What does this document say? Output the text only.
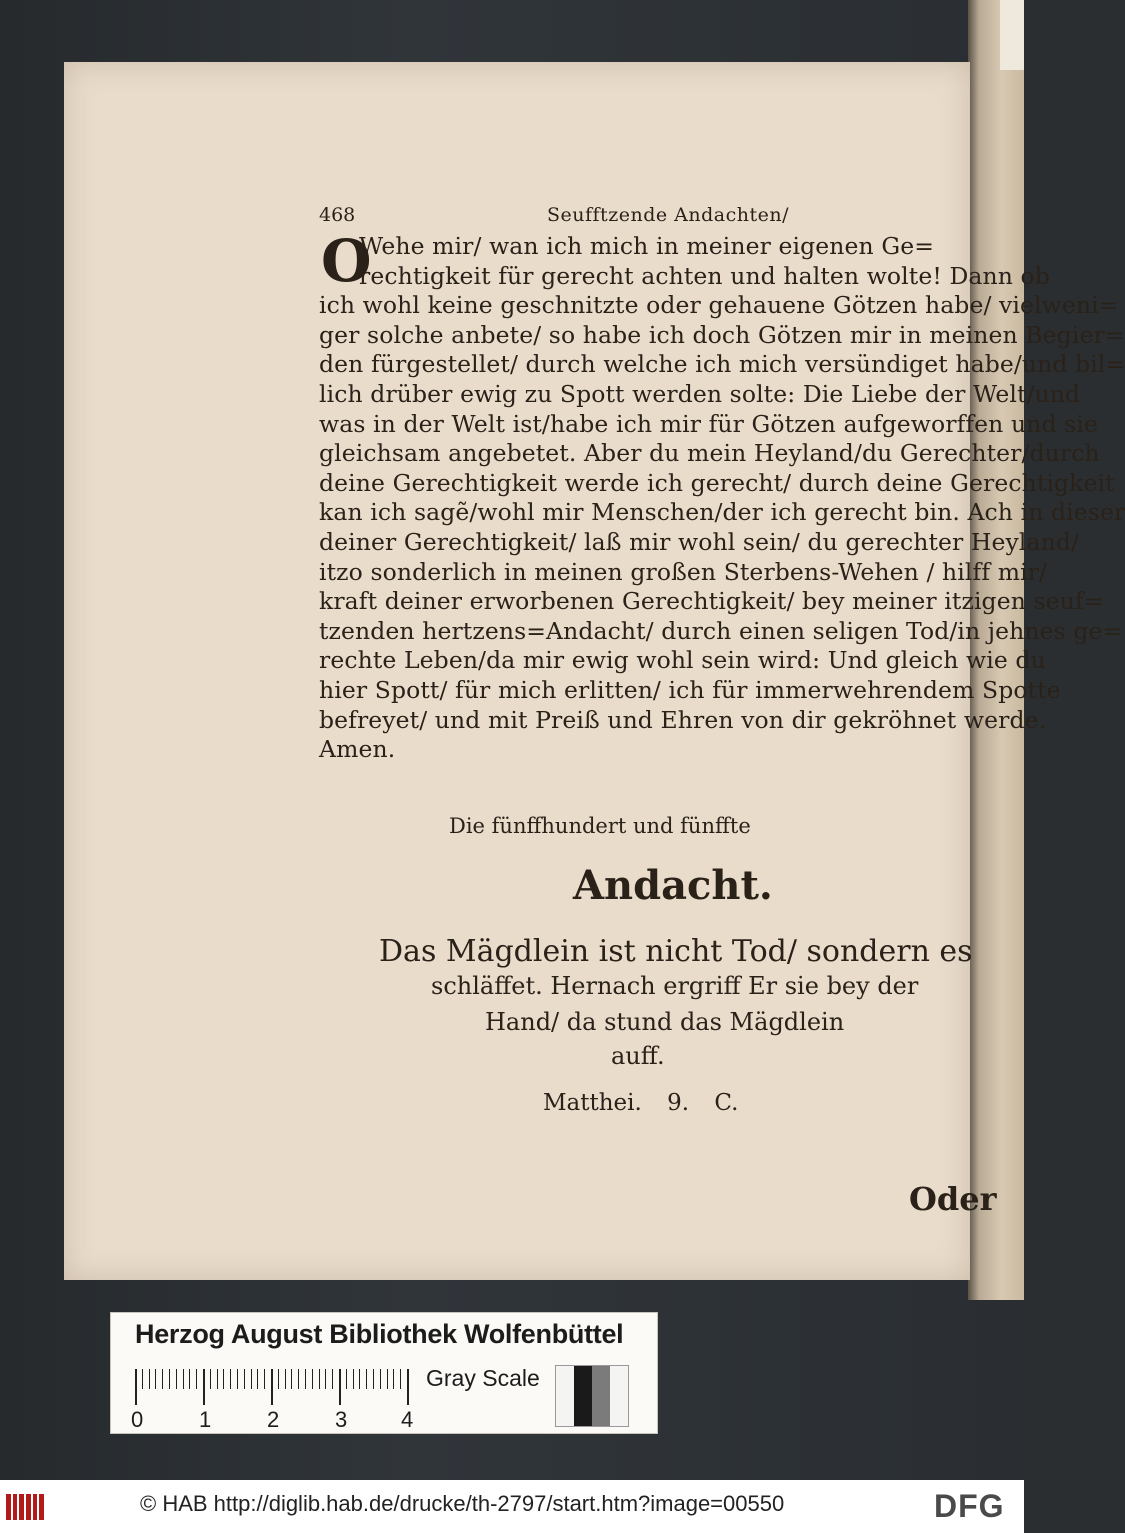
468	Seufftzende Andachten/
O
Wehe mir/ wan ich mich in meiner eigenen Ge=
rechtigkeit für gerecht achten und halten wolte! Dann ob
ich wohl keine geschnitzte oder gehauene Götzen habe/ vielweni=
ger solche anbete/ so habe ich doch Götzen mir in meinen Begier=
den fürgestellet/ durch welche ich mich versündiget habe/und bil=
lich drüber ewig zu Spott werden solte: Die Liebe der Welt/und
was in der Welt ist/habe ich mir für Götzen aufgeworffen und sie
gleichsam angebetet. Aber du mein Heyland/du Gerechter/durch
deine Gerechtigkeit werde ich gerecht/ durch deine Gerechtigkeit
kan ich sagẽ/wohl mir Menschen/der ich gerecht bin. Ach in dieser
deiner Gerechtigkeit/ laß mir wohl sein/ du gerechter Heyland/
itzo sonderlich in meinen großen Sterbens-Wehen / hilff mir/
kraft deiner erworbenen Gerechtigkeit/ bey meiner itzigen seuf=
tzenden hertzens=Andacht/ durch einen seligen Tod/in jehnes ge=
rechte Leben/da mir ewig wohl sein wird: Und gleich wie du
hier Spott/ für mich erlitten/ ich für immerwehrendem Spotte
befreyet/ und mit Preiß und Ehren von dir gekröhnet werde.
Amen.
Die fünffhundert und fünffte
Andacht.
Das Mägdlein ist nicht Tod/ sondern es
schläffet. Hernach ergriff Er sie bey der
Hand/ da stund das Mägdlein
auff.
Matthei. 9. C.
Oder
Herzog August Bibliothek Wolfenbüttel
0	1	2	3 4
Gray Scale
© HAB http://diglib.hab.de/drucke/th-2797/start.htm?image=00550	DFG
